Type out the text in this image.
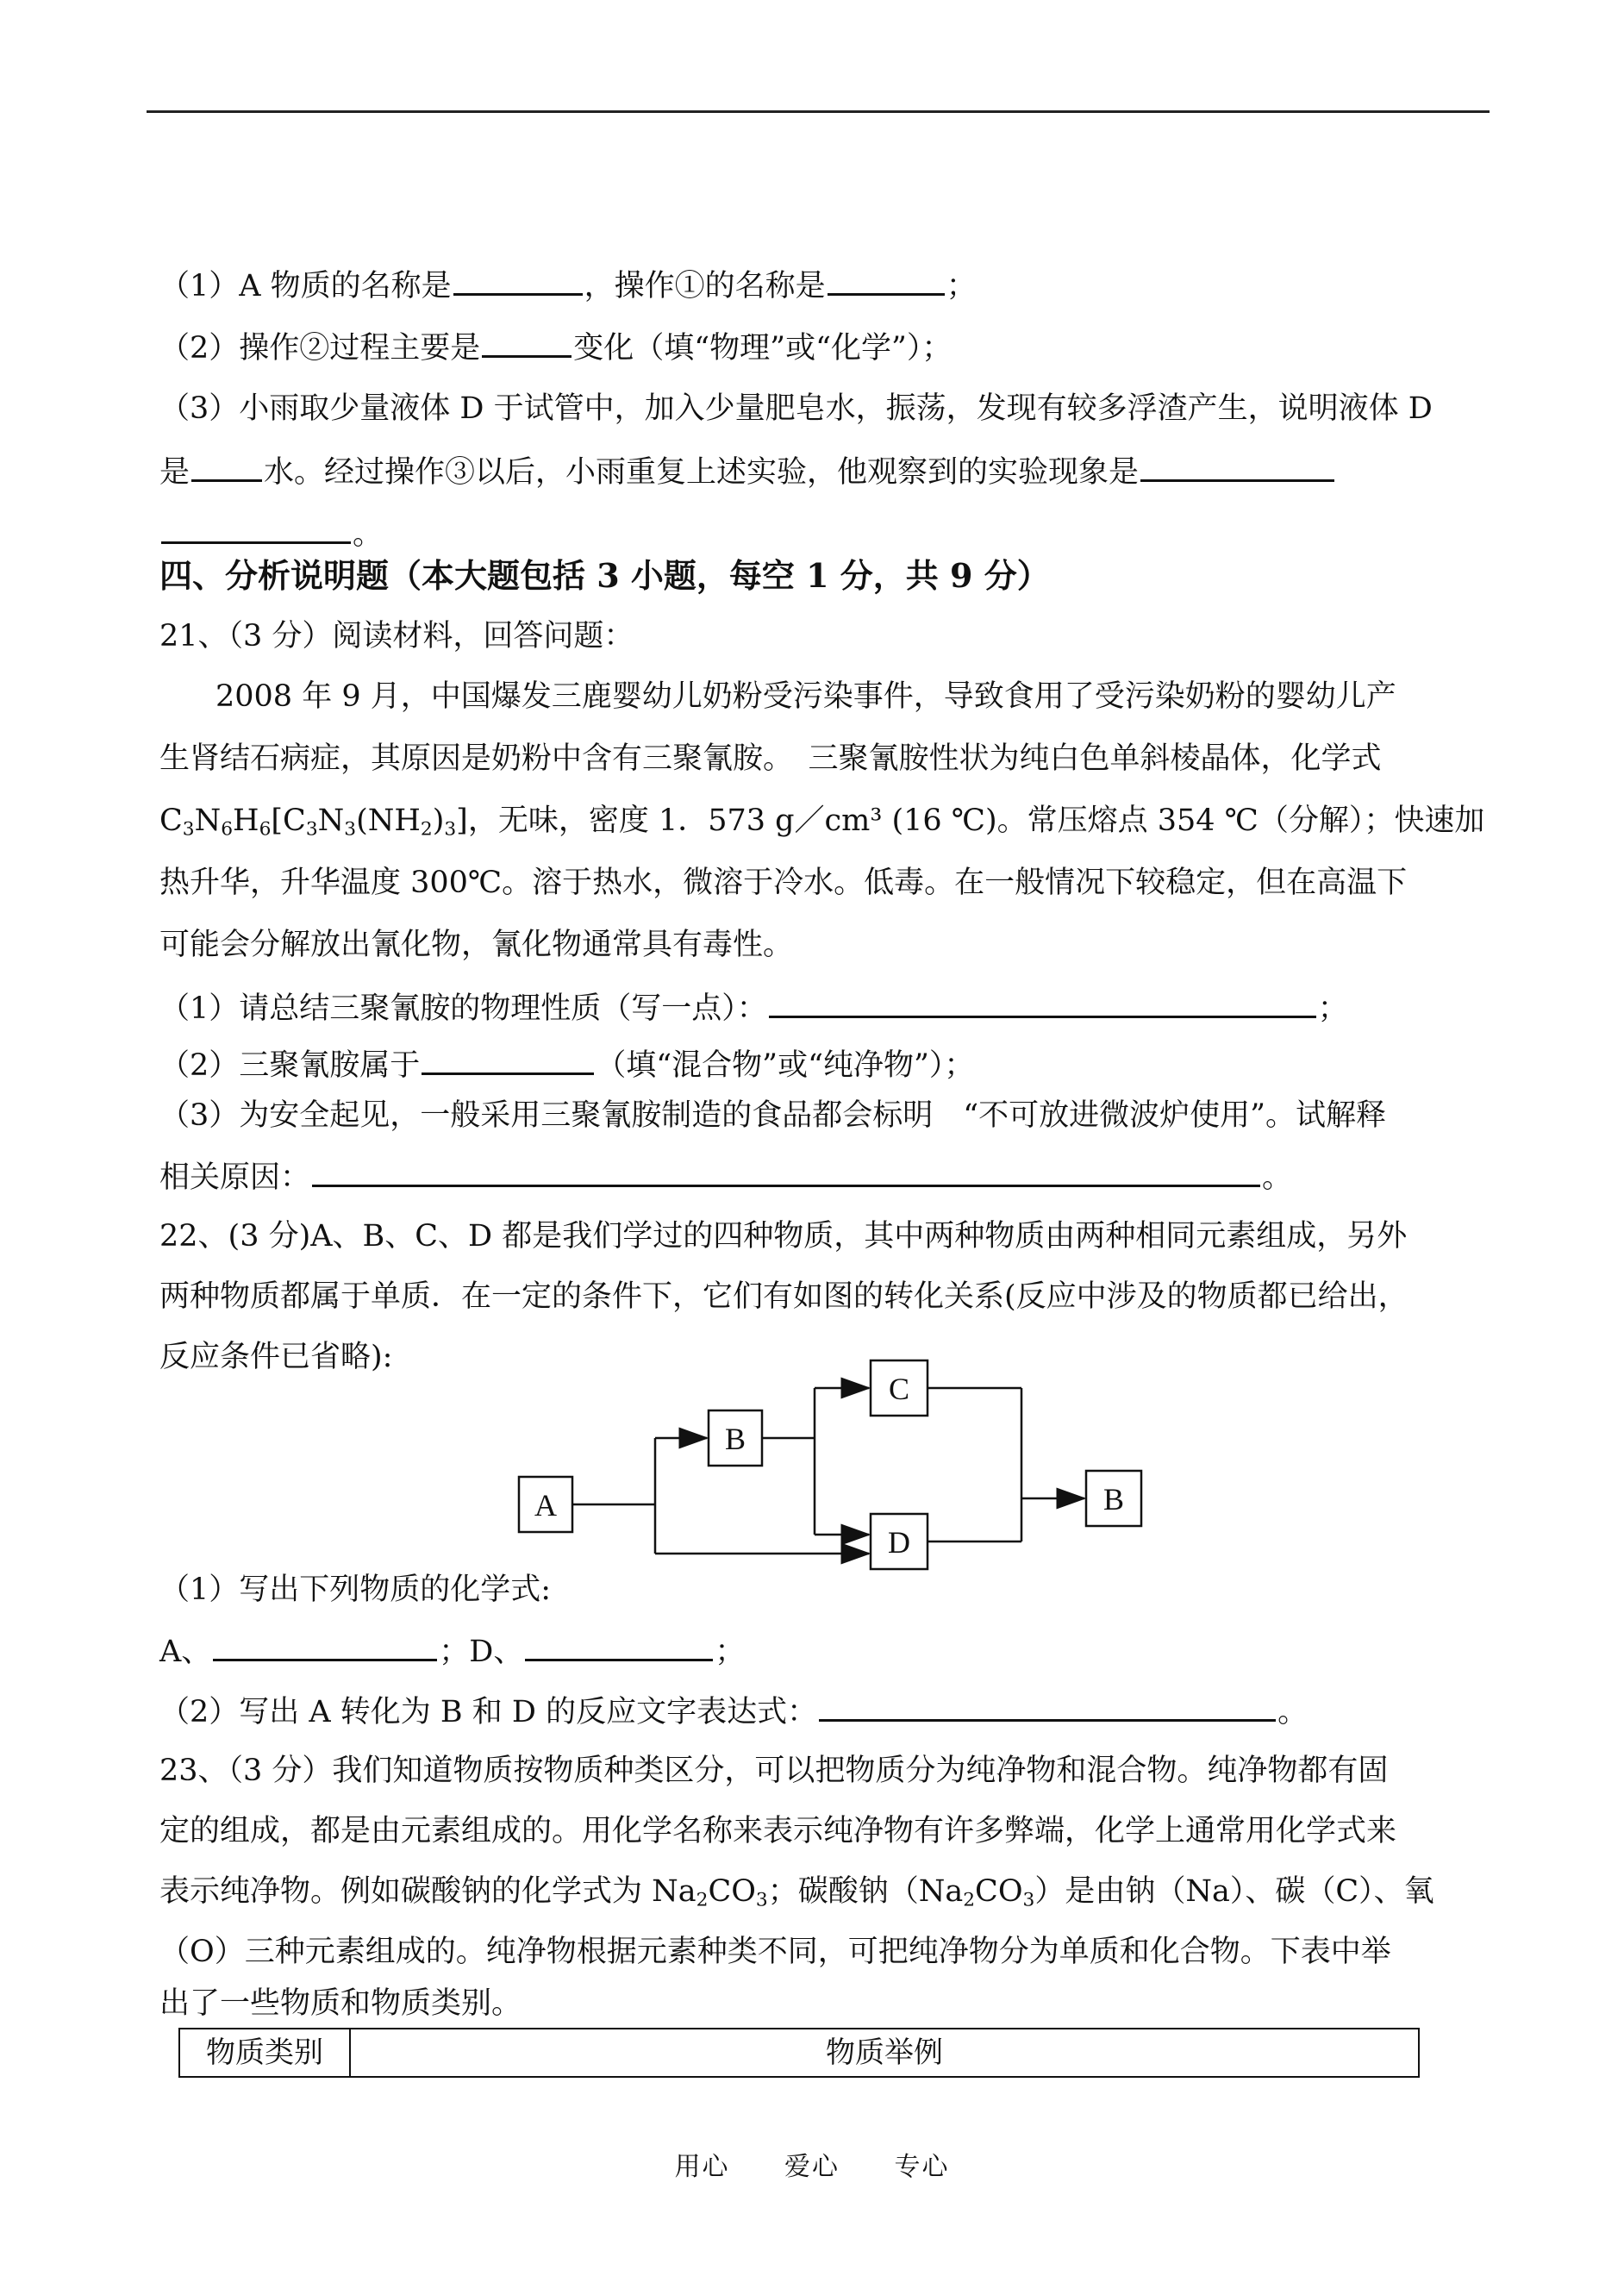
（1）A 物质的名称是	，操作①的名称是	；
（2）操作②过程主要是	变化（填“物理”或“化学”）；
（3）小雨取少量液体 D 于试管中，加入少量肥皂水，振荡，发现有较多浮渣产生，说明液体 D
是 水。经过操作③以后，小雨重复上述实验，他观察到的实验现象是
。
四、分析说明题（本大题包括 3 小题，每空 1 分，共 9 分）
21、（3 分）阅读材料，回答问题：
2008 年 9 月，中国爆发三鹿婴幼儿奶粉受污染事件，导致食用了受污染奶粉的婴幼儿产
生肾结石病症，其原因是奶粉中含有三聚氰胺。　三聚氰胺性状为纯白色单斜棱晶体，化学式
$C_3N_6H_6[C_3N_3(NH_2)_3]$，无味，密度 1．573 g／cm³ (16 ℃)。常压熔点 354 ℃（分解）；快速加
热升华，升华温度 300℃。溶于热水，微溶于冷水。低毒。在一般情况下较稳定，但在高温下
可能会分解放出氰化物，氰化物通常具有毒性。
（1）请总结三聚氰胺的物理性质（写一点）：	；
（2）三聚氰胺属于	（填“混合物”或“纯净物”）；
（3）为安全起见，一般采用三聚氰胺制造的食品都会标明　“不可放进微波炉使用”。试解释
相关原因：	。
22、(3 分)A、B、C、D 都是我们学过的四种物质，其中两种物质由两种相同元素组成，另外
两种物质都属于单质．在一定的条件下，它们有如图的转化关系(反应中涉及的物质都已给出，
反应条件已省略):
A
B
C
D
B
（1）写出下列物质的化学式:
A、	；D、	；
（2）写出 A 转化为 B 和 D 的反应文字表达式：	。
23、（3 分）我们知道物质按物质种类区分，可以把物质分为纯净物和混合物。纯净物都有固
定的组成，都是由元素组成的。用化学名称来表示纯净物有许多弊端，化学上通常用化学式来
表示纯净物。例如碳酸钠的化学式为 $Na_2CO_3$；碳酸钠$(Na_2CO_3)$是由钠（Na）、碳（C）、氧
（O）三种元素组成的。纯净物根据元素种类不同，可把纯净物分为单质和化合物。下表中举
出了一些物质和物质类别。
物质类别	物质举例
用心 爱心 专心
